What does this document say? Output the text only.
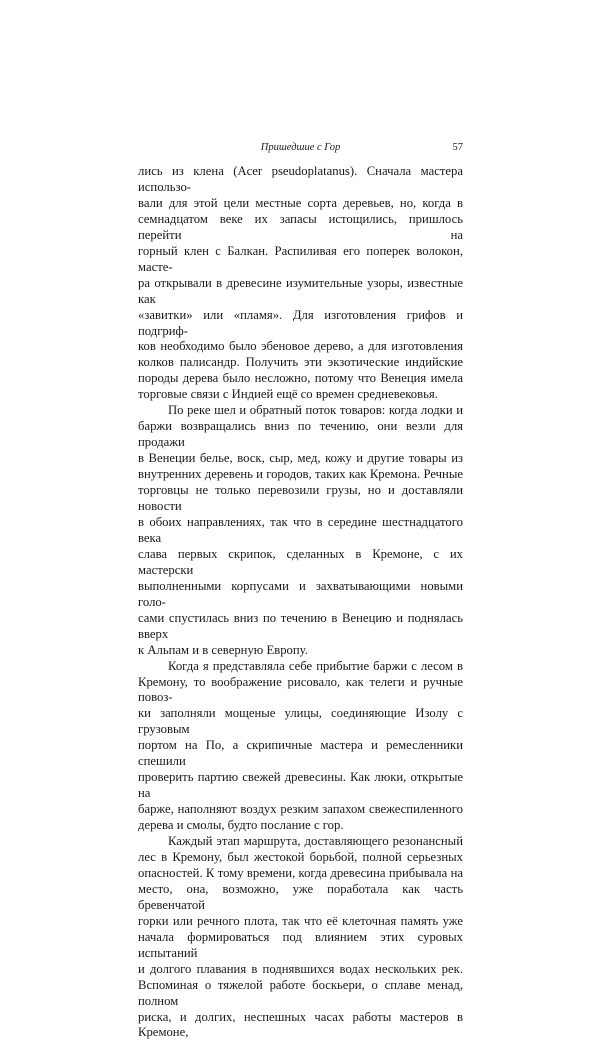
Пришедшие с Гор	57

лись из клена (Acer pseudoplatanus). Сначала мастера использо-

вали для этой цели местные сорта деревьев, но, когда в

семнадцатом веке их запасы истощились, пришлось перейти на

горный клен с Балкан. Распиливая его поперек волокон, масте-

ра открывали в древесине изумительные узоры, известные как

«завитки» или «пламя». Для изготовления грифов и подгриф-

ков необходимо было эбеновое дерево, а для изготовления

колков палисандр. Получить эти экзотические индийские

породы дерева было несложно, потому что Венеция имела

торговые связи с Индией ещё со времен средневековья.

По реке шел и обратный поток товаров: когда лодки и

баржи возвращались вниз по течению, они везли для продажи

в Венеции белье, воск, сыр, мед, кожу и другие товары из

внутренних деревень и городов, таких как Кремона. Речные

торговцы не только перевозили грузы, но и доставляли новости

в обоих направлениях, так что в середине шестнадцатого века

слава первых скрипок, сделанных в Кремоне, с их мастерски

выполненными корпусами и захватывающими новыми голо-

сами спустилась вниз по течению в Венецию и поднялась вверх

к Альпам и в северную Европу.

Когда я представляла себе прибытие баржи с лесом в

Кремону, то воображение рисовало, как телеги и ручные повоз-

ки заполняли мощеные улицы, соединяющие Изолу с грузовым

портом на По, а скрипичные мастера и ремесленники спешили

проверить партию свежей древесины. Как люки, открытые на

барже, наполняют воздух резким запахом свежеспиленного

дерева и смолы, будто послание с гор.

Каждый этап маршрута, доставляющего резонансный

лес в Кремону, был жестокой борьбой, полной серьезных

опасностей. К тому времени, когда древесина прибывала на

место, она, возможно, уже поработала как часть бревенчатой

горки или речного плота, так что её клеточная память уже

начала формироваться под влиянием этих суровых испытаний

и долгого плавания в поднявшихся водах нескольких рек.

Вспоминая о тяжелой работе боскьери, о сплаве менад, полном

риска, и долгих, неспешных часах работы мастеров в Кремоне,
